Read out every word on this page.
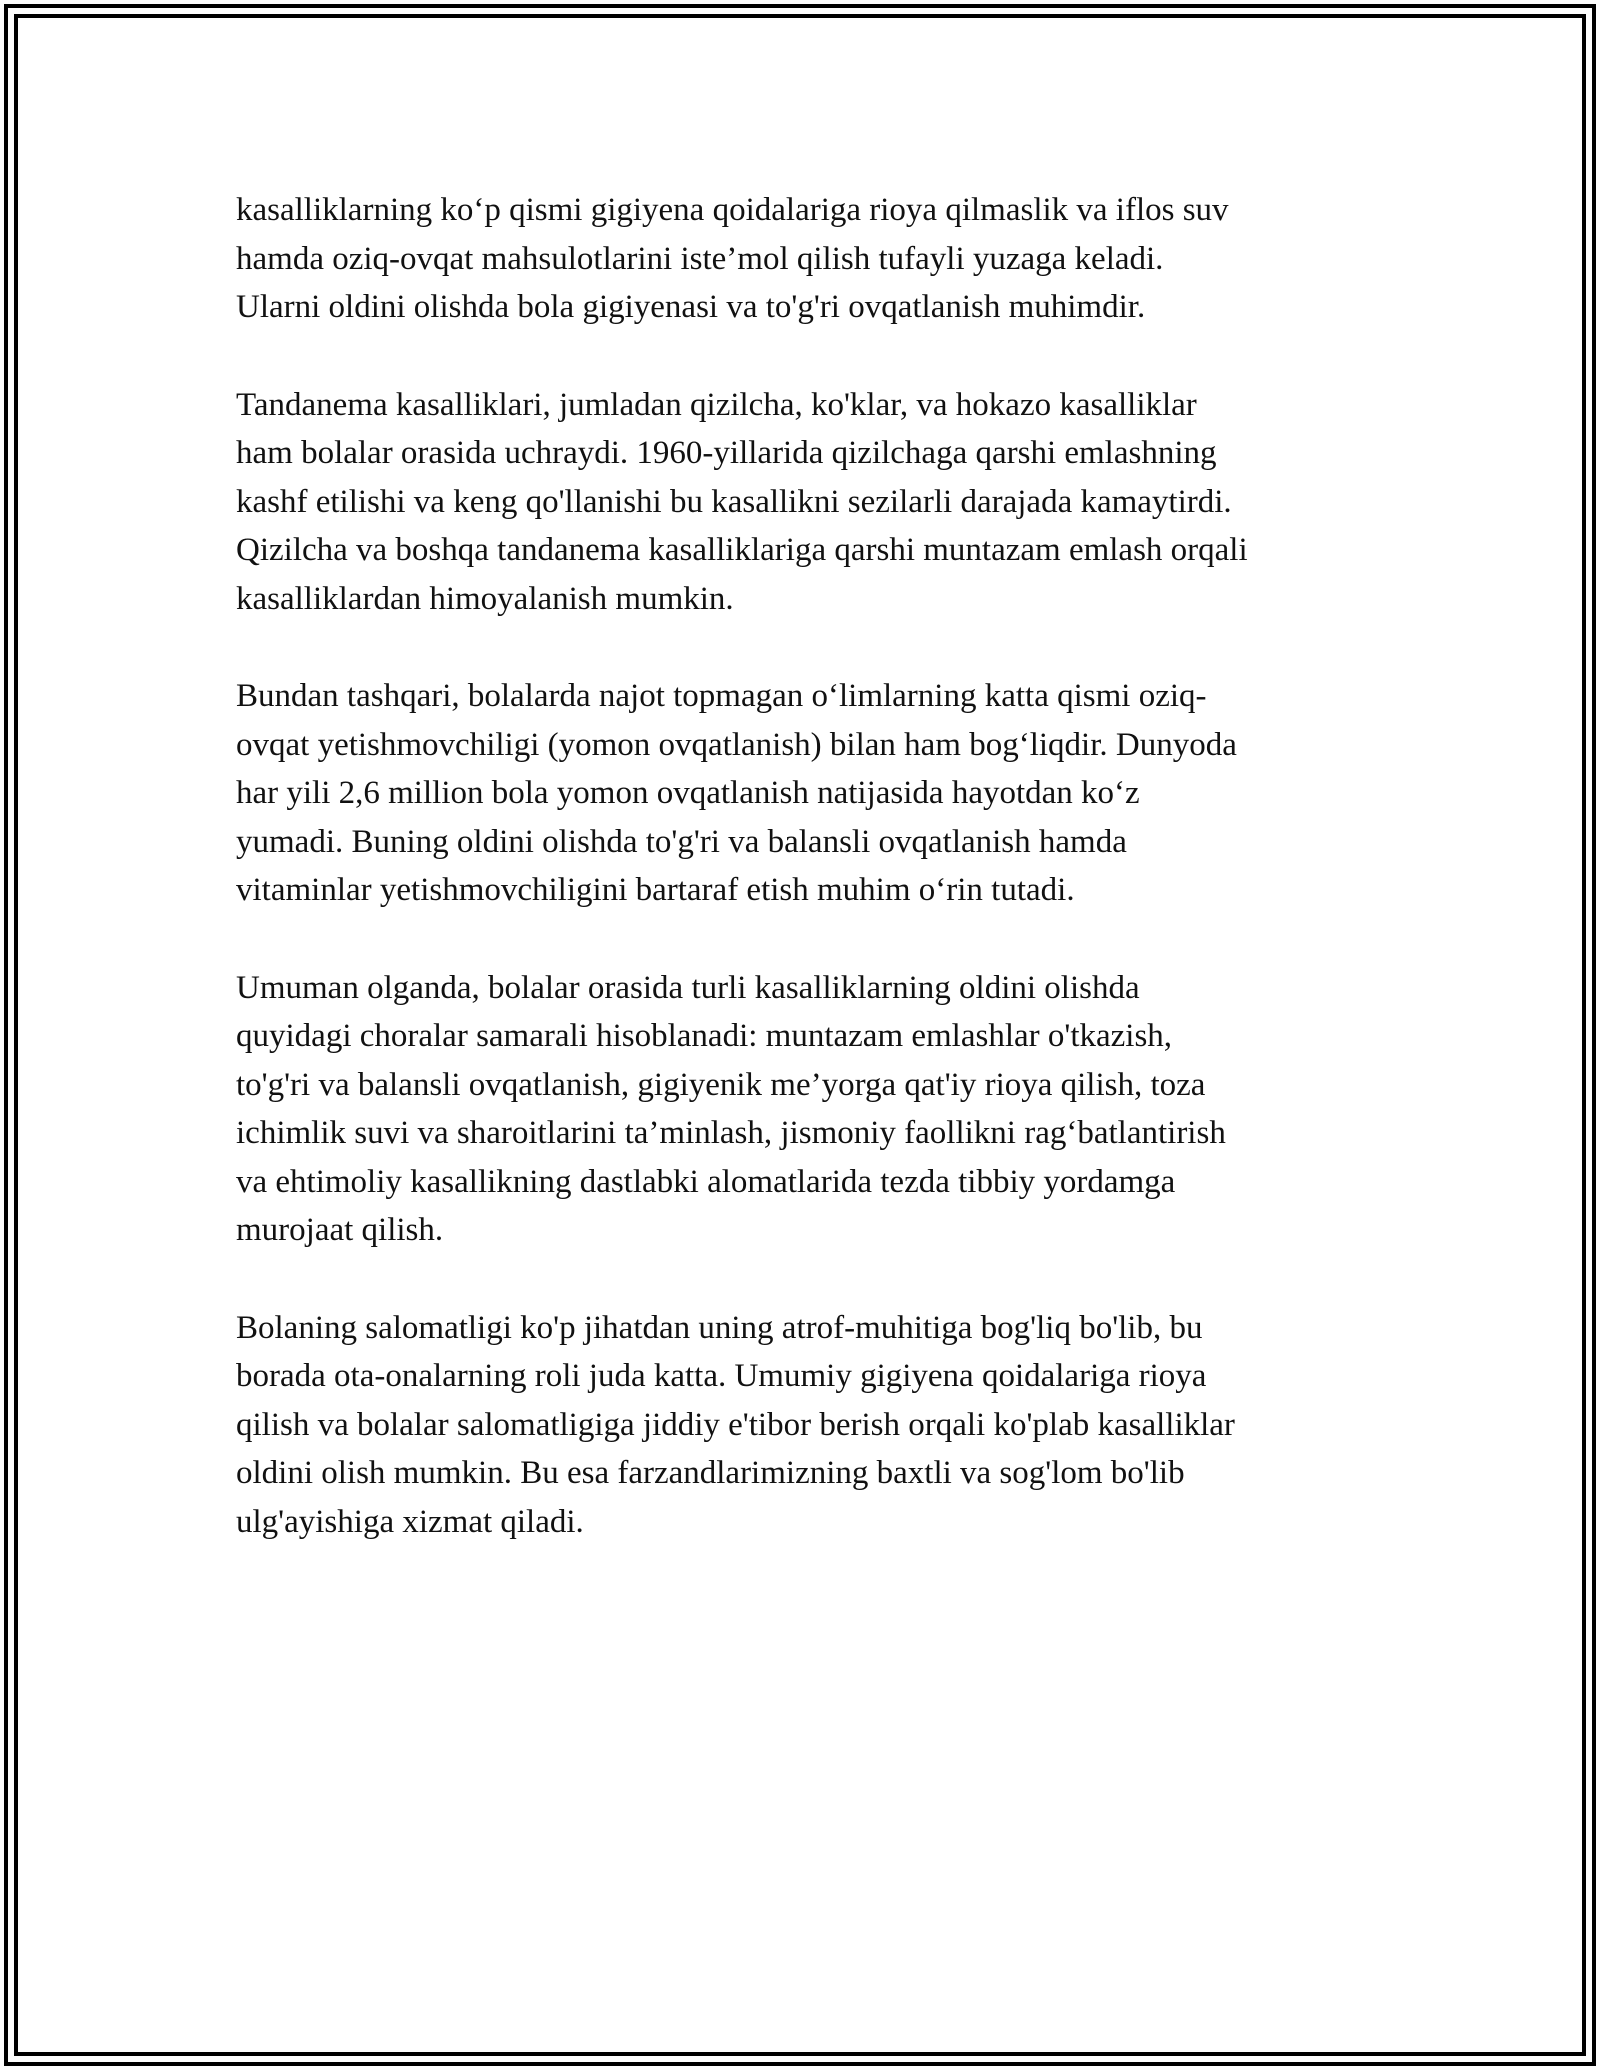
kasalliklarning ko‘p qismi gigiyena qoidalariga rioya qilmaslik va iflos suv
hamda oziq-ovqat mahsulotlarini iste’mol qilish tufayli yuzaga keladi.
Ularni oldini olishda bola gigiyenasi va to'g'ri ovqatlanish muhimdir.

Tandanema kasalliklari, jumladan qizilcha, ko'klar, va hokazo kasalliklar
ham bolalar orasida uchraydi. 1960-yillarida qizilchaga qarshi emlashning
kashf etilishi va keng qo'llanishi bu kasallikni sezilarli darajada kamaytirdi.
Qizilcha va boshqa tandanema kasalliklariga qarshi muntazam emlash orqali
kasalliklardan himoyalanish mumkin.

Bundan tashqari, bolalarda najot topmagan o‘limlarning katta qismi oziq-
ovqat yetishmovchiligi (yomon ovqatlanish) bilan ham bog‘liqdir. Dunyoda
har yili 2,6 million bola yomon ovqatlanish natijasida hayotdan ko‘z
yumadi. Buning oldini olishda to'g'ri va balansli ovqatlanish hamda
vitaminlar yetishmovchiligini bartaraf etish muhim o‘rin tutadi.

Umuman olganda, bolalar orasida turli kasalliklarning oldini olishda
quyidagi choralar samarali hisoblanadi: muntazam emlashlar o'tkazish,
to'g'ri va balansli ovqatlanish, gigiyenik me’yorga qat'iy rioya qilish, toza
ichimlik suvi va sharoitlarini ta’minlash, jismoniy faollikni rag‘batlantirish
va ehtimoliy kasallikning dastlabki alomatlarida tezda tibbiy yordamga
murojaat qilish.

Bolaning salomatligi ko'p jihatdan uning atrof-muhitiga bog'liq bo'lib, bu
borada ota-onalarning roli juda katta. Umumiy gigiyena qoidalariga rioya
qilish va bolalar salomatligiga jiddiy e'tibor berish orqali ko'plab kasalliklar
oldini olish mumkin. Bu esa farzandlarimizning baxtli va sog'lom bo'lib
ulg'ayishiga xizmat qiladi.
